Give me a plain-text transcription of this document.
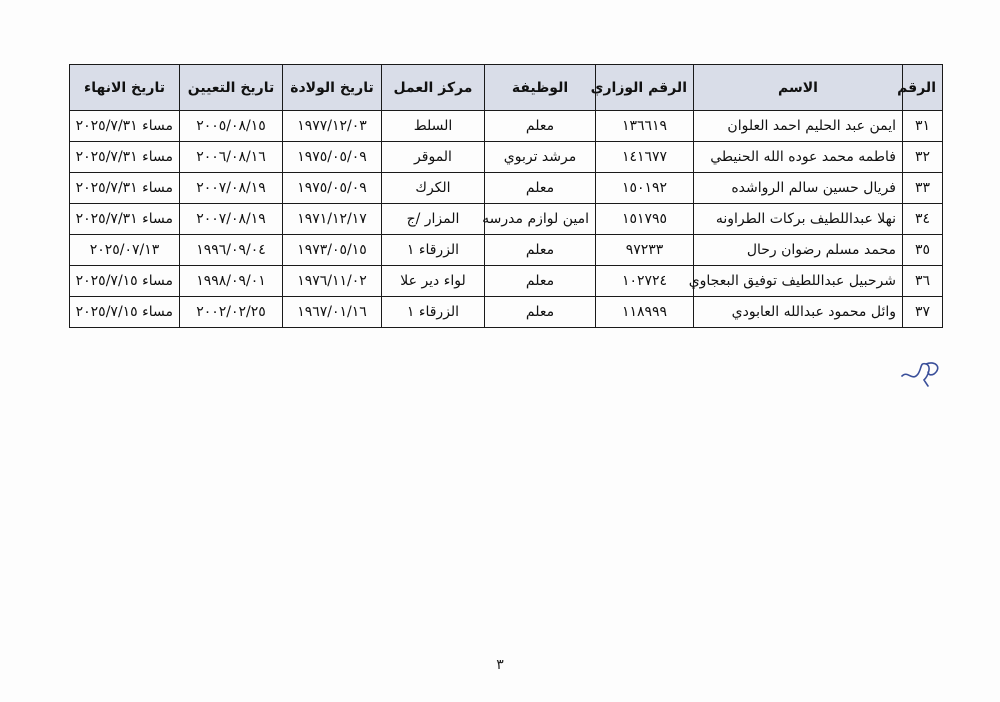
الرقم	الاسم	الرقم الوزاري	الوظيفة	مركز العمل	تاريخ الولادة	تاريخ التعيين	تاريخ الانهاء
٣١	ايمن عبد الحليم احمد العلوان	١٣٦٦١٩	معلم	السلط	١٩٧٧/١٢/٠٣	٢٠٠٥/٠٨/١٥	مساء ٢٠٢٥/٧/٣١
٣٢	فاطمه محمد عوده الله الحنيطي	١٤١٦٧٧	مرشد تربوي	الموقر	١٩٧٥/٠٥/٠٩	٢٠٠٦/٠٨/١٦	مساء ٢٠٢٥/٧/٣١
٣٣	فريال حسين سالم الرواشده	١٥٠١٩٢	معلم	الكرك	١٩٧٥/٠٥/٠٩	٢٠٠٧/٠٨/١٩	مساء ٢٠٢٥/٧/٣١
٣٤	نهلا عبداللطيف بركات الطراونه	١٥١٧٩٥	امين لوازم مدرسه	المزار /ج	١٩٧١/١٢/١٧	٢٠٠٧/٠٨/١٩	مساء ٢٠٢٥/٧/٣١
٣٥	محمد مسلم رضوان رحال	٩٧٢٣٣	معلم	الزرقاء ١	١٩٧٣/٠٥/١٥	١٩٩٦/٠٩/٠٤	٢٠٢٥/٠٧/١٣
٣٦	شرحبيل عبداللطيف توفيق البعجاوي	١٠٢٧٢٤	معلم	لواء دير علا	١٩٧٦/١١/٠٢	١٩٩٨/٠٩/٠١	مساء ٢٠٢٥/٧/١٥
٣٧	وائل محمود عبدالله العابودي	١١٨٩٩٩	معلم	الزرقاء ١	١٩٦٧/٠١/١٦	٢٠٠٢/٠٢/٢٥	مساء ٢٠٢٥/٧/١٥
٣
